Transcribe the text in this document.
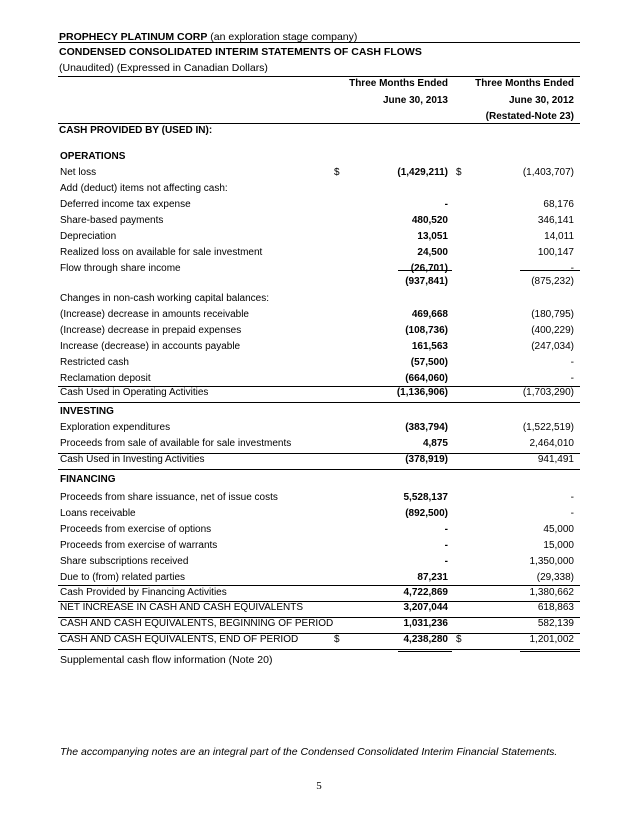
PROPHECY PLATINUM CORP (an exploration stage company)
CONDENSED CONSOLIDATED INTERIM STATEMENTS OF CASH FLOWS
(Unaudited) (Expressed in Canadian Dollars)
Three Months Ended
June 30, 2013
Three Months Ended
June 30, 2012
(Restated-Note 23)
CASH PROVIDED BY (USED IN):
OPERATIONS
Net loss	$	(1,429,211) $	(1,403,707)
Add (deduct) items not affecting cash:
Deferred income tax expense	-	68,176
Share-based payments	480,520	346,141
Depreciation	13,051	14,011
Realized loss on available for sale investment	24,500	100,147
Flow through share income	(26,701)	-
(937,841)	(875,232)
Changes in non-cash working capital balances:
(Increase) decrease in amounts receivable	469,668	(180,795)
(Increase) decrease in prepaid expenses	(108,736)	(400,229)
Increase (decrease) in accounts payable	161,563	(247,034)
Restricted cash	(57,500)	-
Reclamation deposit	(664,060)	-
Cash Used in Operating Activities	(1,136,906)	(1,703,290)
INVESTING
Exploration expenditures	(383,794)	(1,522,519)
Proceeds from sale of available for sale investments	4,875	2,464,010
Cash Used in Investing Activities	(378,919)	941,491
FINANCING
Proceeds from share issuance, net of issue costs	5,528,137	-
Loans receivable	(892,500)	-
Proceeds from exercise of options	-	45,000
Proceeds from exercise of warrants	-	15,000
Share subscriptions received	-	1,350,000
Due to (from) related parties	87,231	(29,338)
Cash Provided by Financing Activities	4,722,869	1,380,662
NET INCREASE IN CASH AND CASH EQUIVALENTS	3,207,044	618,863
CASH AND CASH EQUIVALENTS, BEGINNING OF PERIOD	1,031,236	582,139
CASH AND CASH EQUIVALENTS, END OF PERIOD	$	4,238,280 $	1,201,002
Supplemental cash flow information (Note 20)
The accompanying notes are an integral part of the Condensed Consolidated Interim Financial Statements.
5
